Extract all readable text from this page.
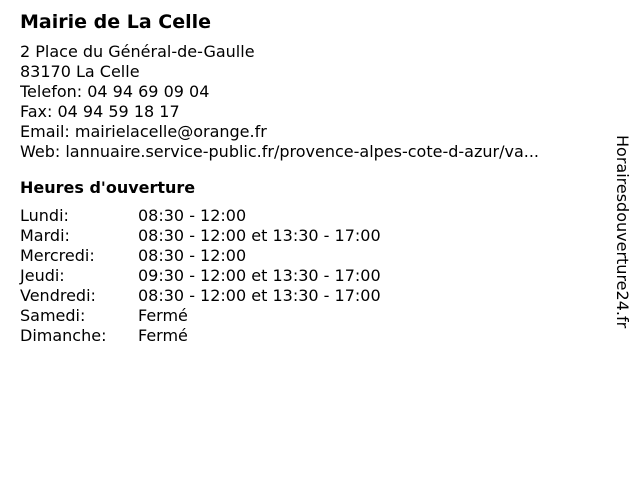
Mairie de La Celle
2 Place du Général-de-Gaulle
83170 La Celle
Telefon: 04 94 69 09 04
Fax: 04 94 59 18 17
Email: mairielacelle@orange.fr
Web: lannuaire.service-public.fr/provence-alpes-cote-d-azur/va...
Heures d'ouverture
Lundi:	08:30 - 12:00
Mardi:	08:30 - 12:00 et 13:30 - 17:00
Mercredi:	08:30 - 12:00
Jeudi:	09:30 - 12:00 et 13:30 - 17:00
Vendredi:	08:30 - 12:00 et 13:30 - 17:00
Samedi:	Fermé
Dimanche:	Fermé
Horairesdouverture24.fr
